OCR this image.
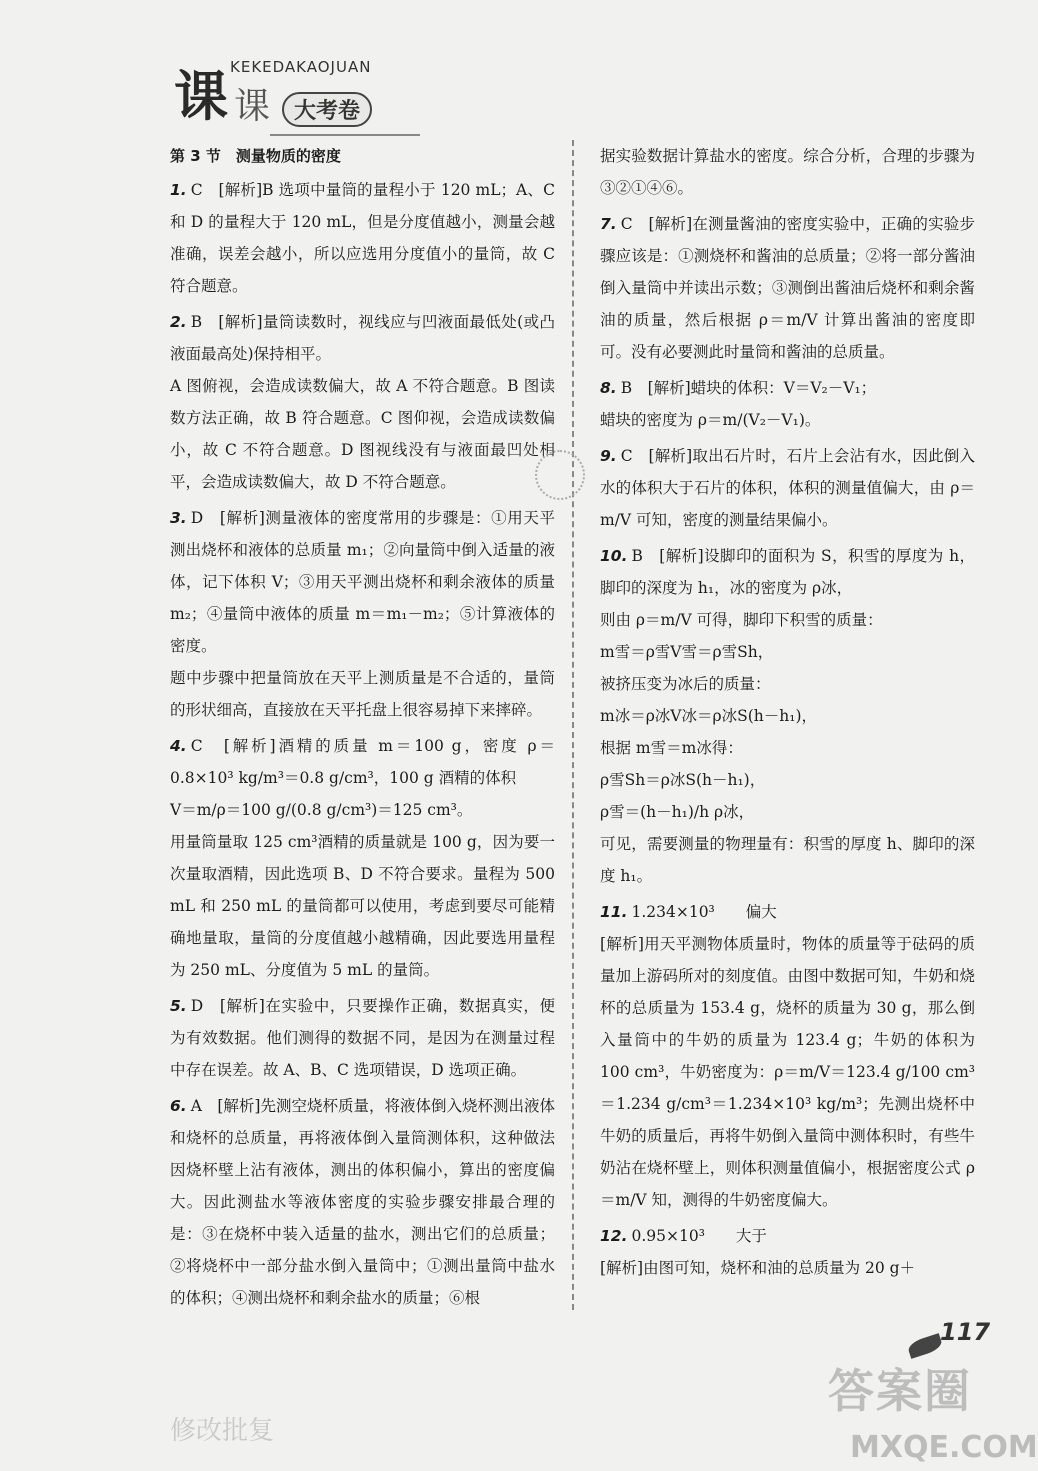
课 KEKEDAKAOJUAN
课	大考卷
第 3 节　测量物质的密度

1. C　[解析]B 选项中量筒的量程小于 120 mL；A、C 和 D 的量程大于 120 mL，但是分度值越小，测量会越准确，误差会越小，所以应选用分度值小的量筒，故 C 符合题意。

2. B　[解析]量筒读数时，视线应与凹液面最低处(或凸液面最高处)保持相平。

A 图俯视，会造成读数偏大，故 A 不符合题意。B 图读数方法正确，故 B 符合题意。C 图仰视，会造成读数偏小，故 C 不符合题意。D 图视线没有与液面最凹处相平，会造成读数偏大，故 D 不符合题意。

3. D　[解析]测量液体的密度常用的步骤是：①用天平测出烧杯和液体的总质量 m₁；②向量筒中倒入适量的液体，记下体积 V；③用天平测出烧杯和剩余液体的质量 m₂；④量筒中液体的质量 m＝m₁－m₂；⑤计算液体的密度。

题中步骤中把量筒放在天平上测质量是不合适的，量筒的形状细高，直接放在天平托盘上很容易掉下来摔碎。

4. C　[解析]酒精的质量 m＝100 g，密度 ρ＝0.8×10³ kg/m³＝0.8 g/cm³，100 g 酒精的体积

V＝m/ρ＝100 g/(0.8 g/cm³)＝125 cm³。

用量筒量取 125 cm³酒精的质量就是 100 g，因为要一次量取酒精，因此选项 B、D 不符合要求。量程为 500 mL 和 250 mL 的量筒都可以使用，考虑到要尽可能精确地量取，量筒的分度值越小越精确，因此要选用量程为 250 mL、分度值为 5 mL 的量筒。

5. D　[解析]在实验中，只要操作正确，数据真实，便为有效数据。他们测得的数据不同，是因为在测量过程中存在误差。故 A、B、C 选项错误，D 选项正确。

6. A　[解析]先测空烧杯质量，将液体倒入烧杯测出液体和烧杯的总质量，再将液体倒入量筒测体积，这种做法因烧杯壁上沾有液体，测出的体积偏小，算出的密度偏大。因此测盐水等液体密度的实验步骤安排最合理的是：③在烧杯中装入适量的盐水，测出它们的总质量；②将烧杯中一部分盐水倒入量筒中；①测出量筒中盐水的体积；④测出烧杯和剩余盐水的质量；⑥根

据实验数据计算盐水的密度。综合分析，合理的步骤为③②①④⑥。

7. C　[解析]在测量酱油的密度实验中，正确的实验步骤应该是：①测烧杯和酱油的总质量；②将一部分酱油倒入量筒中并读出示数；③测倒出酱油后烧杯和剩余酱油的质量，然后根据 ρ＝m/V 计算出酱油的密度即可。没有必要测此时量筒和酱油的总质量。

8. B　[解析]蜡块的体积：V＝V₂－V₁；

蜡块的密度为 ρ＝m/(V₂－V₁)。

9. C　[解析]取出石片时，石片上会沾有水，因此倒入水的体积大于石片的体积，体积的测量值偏大，由 ρ＝m/V 可知，密度的测量结果偏小。

10. B　[解析]设脚印的面积为 S，积雪的厚度为 h，脚印的深度为 h₁，冰的密度为 ρ冰，

则由 ρ＝m/V 可得，脚印下积雪的质量：

m雪＝ρ雪V雪＝ρ雪Sh，

被挤压变为冰后的质量：

m冰＝ρ冰V冰＝ρ冰S(h－h₁)，

根据 m雪＝m冰得：

ρ雪Sh＝ρ冰S(h－h₁)，

ρ雪＝(h－h₁)/h ρ冰，

可见，需要测量的物理量有：积雪的厚度 h、脚印的深度 h₁。

11. 1.234×10³　　偏大

[解析]用天平测物体质量时，物体的质量等于砝码的质量加上游码所对的刻度值。由图中数据可知，牛奶和烧杯的总质量为 153.4 g，烧杯的质量为 30 g，那么倒入量筒中的牛奶的质量为 123.4 g；牛奶的体积为 100 cm³，牛奶密度为：ρ＝m/V＝123.4 g/100 cm³＝1.234 g/cm³＝1.234×10³ kg/m³；先测出烧杯中牛奶的质量后，再将牛奶倒入量筒中测体积时，有些牛奶沾在烧杯壁上，则体积测量值偏小，根据密度公式 ρ＝m/V 知，测得的牛奶密度偏大。

12. 0.95×10³　　大于

[解析]由图可知，烧杯和油的总质量为 20 g＋

117
修改批复
答案圈
MXQE.COM
